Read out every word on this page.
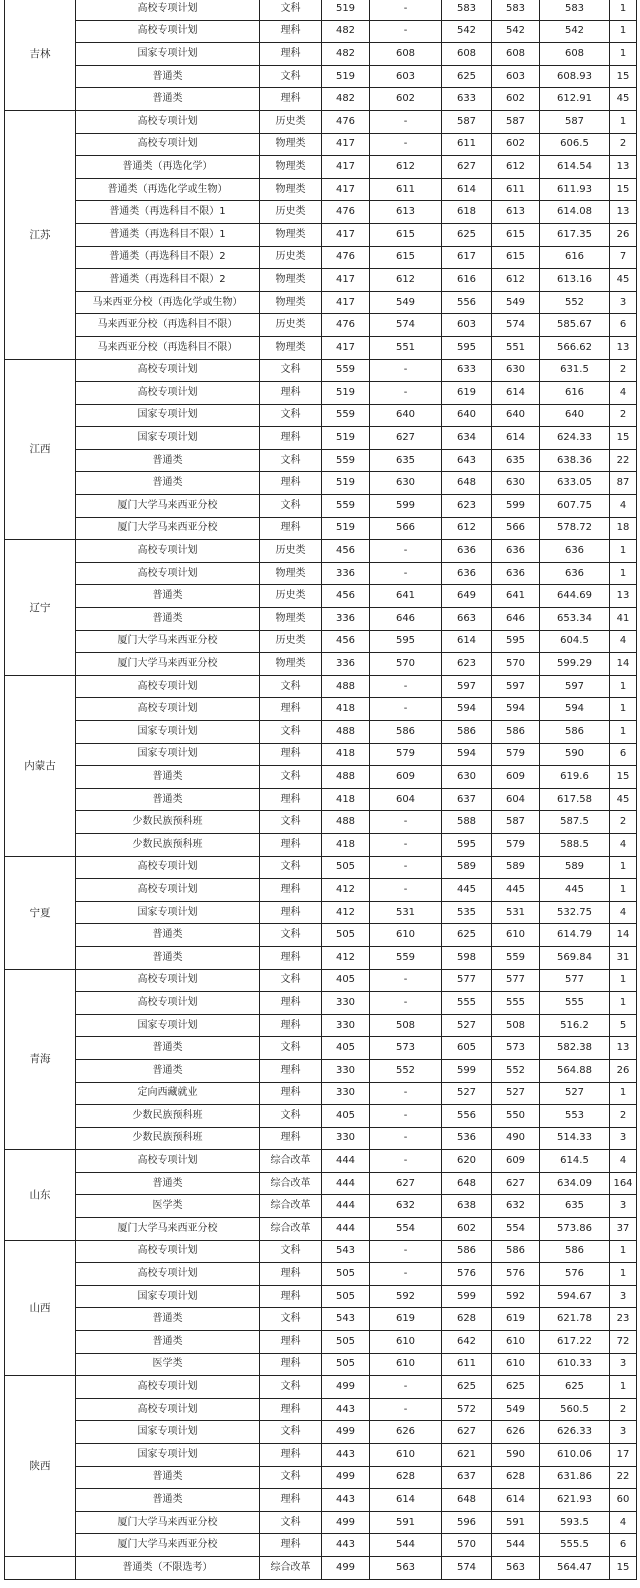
吉林	高校专项计划	文科	519	-	583	583	583	1
	高校专项计划	理科	482	-	542	542	542	1
	国家专项计划	理科	482	608	608	608	608	1
	普通类	文科	519	603	625	603	608.93	15
	普通类	理科	482	602	633	602	612.91	45
江苏	高校专项计划	历史类	476	-	587	587	587	1
	高校专项计划	物理类	417	-	611	602	606.5	2
	普通类（再选化学）	物理类	417	612	627	612	614.54	13
	普通类（再选化学或生物）	物理类	417	611	614	611	611.93	15
	普通类（再选科目不限）1	历史类	476	613	618	613	614.08	13
	普通类（再选科目不限）1	物理类	417	615	625	615	617.35	26
	普通类（再选科目不限）2	历史类	476	615	617	615	616	7
	普通类（再选科目不限）2	物理类	417	612	616	612	613.16	45
	马来西亚分校（再选化学或生物）	物理类	417	549	556	549	552	3
	马来西亚分校（再选科目不限）	历史类	476	574	603	574	585.67	6
	马来西亚分校（再选科目不限）	物理类	417	551	595	551	566.62	13
江西	高校专项计划	文科	559	-	633	630	631.5	2
	高校专项计划	理科	519	-	619	614	616	4
	国家专项计划	文科	559	640	640	640	640	2
	国家专项计划	理科	519	627	634	614	624.33	15
	普通类	文科	559	635	643	635	638.36	22
	普通类	理科	519	630	648	630	633.05	87
	厦门大学马来西亚分校	文科	559	599	623	599	607.75	4
	厦门大学马来西亚分校	理科	519	566	612	566	578.72	18
辽宁	高校专项计划	历史类	456	-	636	636	636	1
	高校专项计划	物理类	336	-	636	636	636	1
	普通类	历史类	456	641	649	641	644.69	13
	普通类	物理类	336	646	663	646	653.34	41
	厦门大学马来西亚分校	历史类	456	595	614	595	604.5	4
	厦门大学马来西亚分校	物理类	336	570	623	570	599.29	14
内蒙古	高校专项计划	文科	488	-	597	597	597	1
	高校专项计划	理科	418	-	594	594	594	1
	国家专项计划	文科	488	586	586	586	586	1
	国家专项计划	理科	418	579	594	579	590	6
	普通类	文科	488	609	630	609	619.6	15
	普通类	理科	418	604	637	604	617.58	45
	少数民族预科班	文科	488	-	588	587	587.5	2
	少数民族预科班	理科	418	-	595	579	588.5	4
宁夏	高校专项计划	文科	505	-	589	589	589	1
	高校专项计划	理科	412	-	445	445	445	1
	国家专项计划	理科	412	531	535	531	532.75	4
	普通类	文科	505	610	625	610	614.79	14
	普通类	理科	412	559	598	559	569.84	31
青海	高校专项计划	文科	405	-	577	577	577	1
	高校专项计划	理科	330	-	555	555	555	1
	国家专项计划	理科	330	508	527	508	516.2	5
	普通类	文科	405	573	605	573	582.38	13
	普通类	理科	330	552	599	552	564.88	26
	定向西藏就业	理科	330	-	527	527	527	1
	少数民族预科班	文科	405	-	556	550	553	2
	少数民族预科班	理科	330	-	536	490	514.33	3
山东	高校专项计划	综合改革	444	-	620	609	614.5	4
	普通类	综合改革	444	627	648	627	634.09	164
	医学类	综合改革	444	632	638	632	635	3
	厦门大学马来西亚分校	综合改革	444	554	602	554	573.86	37
山西	高校专项计划	文科	543	-	586	586	586	1
	高校专项计划	理科	505	-	576	576	576	1
	国家专项计划	理科	505	592	599	592	594.67	3
	普通类	文科	543	619	628	619	621.78	23
	普通类	理科	505	610	642	610	617.22	72
	医学类	理科	505	610	611	610	610.33	3
陕西	高校专项计划	文科	499	-	625	625	625	1
	高校专项计划	理科	443	-	572	549	560.5	2
	国家专项计划	文科	499	626	627	626	626.33	3
	国家专项计划	理科	443	610	621	590	610.06	17
	普通类	文科	499	628	637	628	631.86	22
	普通类	理科	443	614	648	614	621.93	60
	厦门大学马来西亚分校	文科	499	591	596	591	593.5	4
	厦门大学马来西亚分校	理科	443	544	570	544	555.5	6
	普通类（不限选考）	综合改革	499	563	574	563	564.47	15
